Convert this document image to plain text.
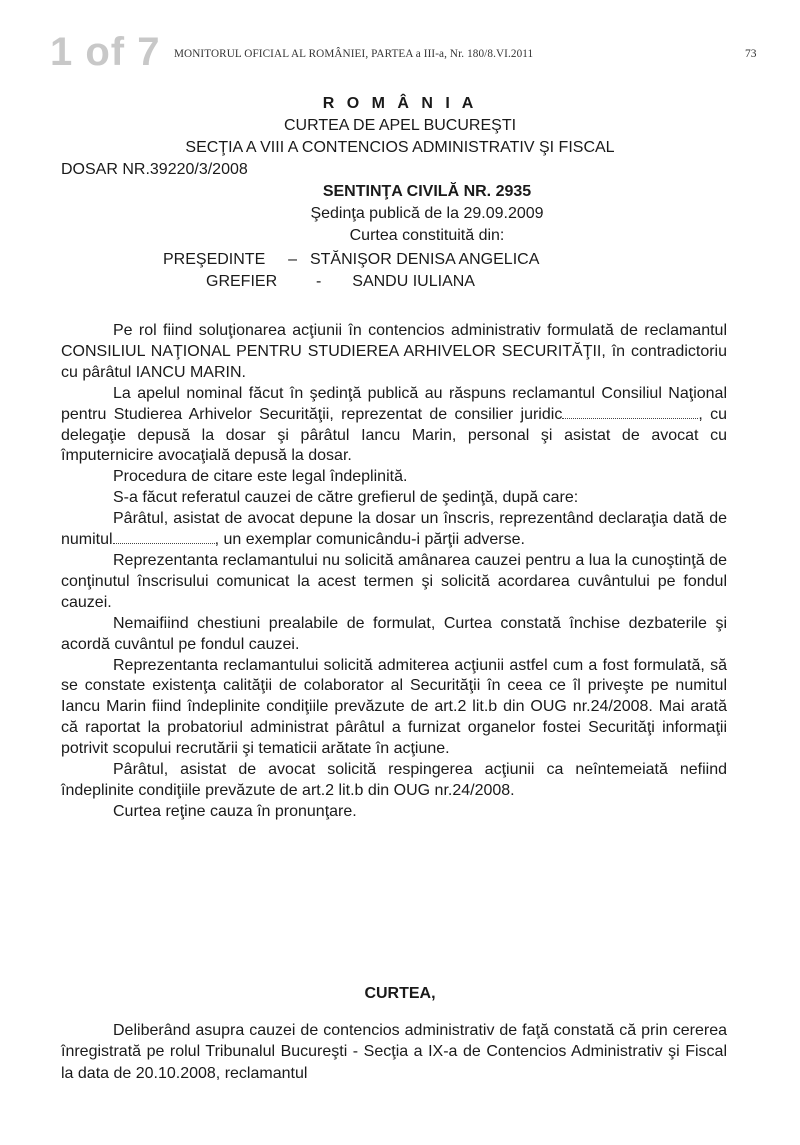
1 of 7 MONITORUL OFICIAL AL ROMÂNIEI, PARTEA a III-a, Nr. 180/8.VI.2011	73
R O M Â N I A
CURTEA DE APEL BUCUREŞTI
SECŢIA A VIII A CONTENCIOS ADMINISTRATIV ŞI FISCAL
DOSAR NR.39220/3/2008
SENTINŢA CIVILĂ NR. 2935
Şedinţa publică de la 29.09.2009
Curtea constituită din:
PREŞEDINTE – STĂNIŞOR DENISA ANGELICA
GREFIER - SANDU IULIANA

Pe rol fiind soluţionarea acţiunii în contencios administrativ formulată de reclamantul CONSILIUL NAŢIONAL PENTRU STUDIEREA ARHIVELOR SECURITĂŢII, în contradictoriu cu pârâtul IANCU MARIN.

La apelul nominal făcut în şedinţă publică au răspuns reclamantul Consiliul Naţional pentru Studierea Arhivelor Securităţii, reprezentat de consilier juridic	, cu delegaţie depusă la dosar şi pârâtul Iancu Marin, personal şi asistat de avocat cu împuternicire avocaţială depusă la dosar.

Procedura de citare este legal îndeplinită.

S-a făcut referatul cauzei de către grefierul de şedinţă, după care:

Pârâtul, asistat de avocat depune la dosar un înscris, reprezentând declaraţia dată de numitul	, un exemplar comunicându-i părţii adverse.

Reprezentanta reclamantului nu solicită amânarea cauzei pentru a lua la cunoştinţă de conţinutul înscrisului comunicat la acest termen şi solicită acordarea cuvântului pe fondul cauzei.

Nemaifiind chestiuni prealabile de formulat, Curtea constată închise dezbaterile şi acordă cuvântul pe fondul cauzei.

Reprezentanta reclamantului solicită admiterea acţiunii astfel cum a fost formulată, să se constate existenţa calităţii de colaborator al Securităţii în ceea ce îl priveşte pe numitul Iancu Marin fiind îndeplinite condiţiile prevăzute de art.2 lit.b din OUG nr.24/2008. Mai arată că raportat la probatoriul administrat pârâtul a furnizat organelor fostei Securităţi informaţii potrivit scopului recrutării şi tematicii arătate în acţiune.

Pârâtul, asistat de avocat solicită respingerea acţiunii ca neîntemeiată nefiind îndeplinite condiţiile prevăzute de art.2 lit.b din OUG nr.24/2008.

Curtea reţine cauza în pronunţare.

CURTEA,

Deliberând asupra cauzei de contencios administrativ de faţă constată că prin cererea înregistrată pe rolul Tribunalul Bucureşti - Secţia a IX-a de Contencios Administrativ şi Fiscal la data de 20.10.2008, reclamantul
